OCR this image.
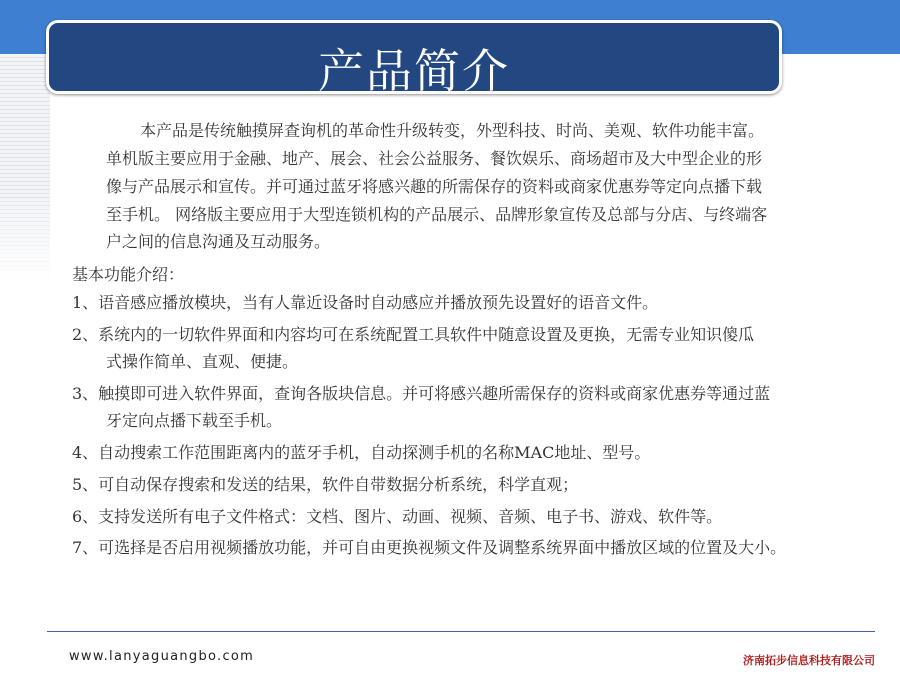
产品简介
本产品是传统触摸屏查询机的革命性升级转变，外型科技、时尚、美观、软件功能丰富。
单机版主要应用于金融、地产、展会、社会公益服务、餐饮娱乐、商场超市及大中型企业的形
像与产品展示和宣传。并可通过蓝牙将感兴趣的所需保存的资料或商家优惠券等定向点播下载
至手机。 网络版主要应用于大型连锁机构的产品展示、品牌形象宣传及总部与分店、与终端客
户之间的信息沟通及互动服务。
基本功能介绍：
1、语音感应播放模块，当有人靠近设备时自动感应并播放预先设置好的语音文件。
2、系统内的一切软件界面和内容均可在系统配置工具软件中随意设置及更换，无需专业知识傻瓜
式操作简单、直观、便捷。
3、触摸即可进入软件界面，查询各版块信息。并可将感兴趣所需保存的资料或商家优惠券等通过蓝
牙定向点播下载至手机。
4、自动搜索工作范围距离内的蓝牙手机，自动探测手机的名称MAC地址、型号。
5、可自动保存搜索和发送的结果，软件自带数据分析系统，科学直观；
6、支持发送所有电子文件格式：文档、图片、动画、视频、音频、电子书、游戏、软件等。
7、可选择是否启用视频播放功能，并可自由更换视频文件及调整系统界面中播放区域的位置及大小。
www.lanyaguangbo.com	济南拓步信息科技有限公司
